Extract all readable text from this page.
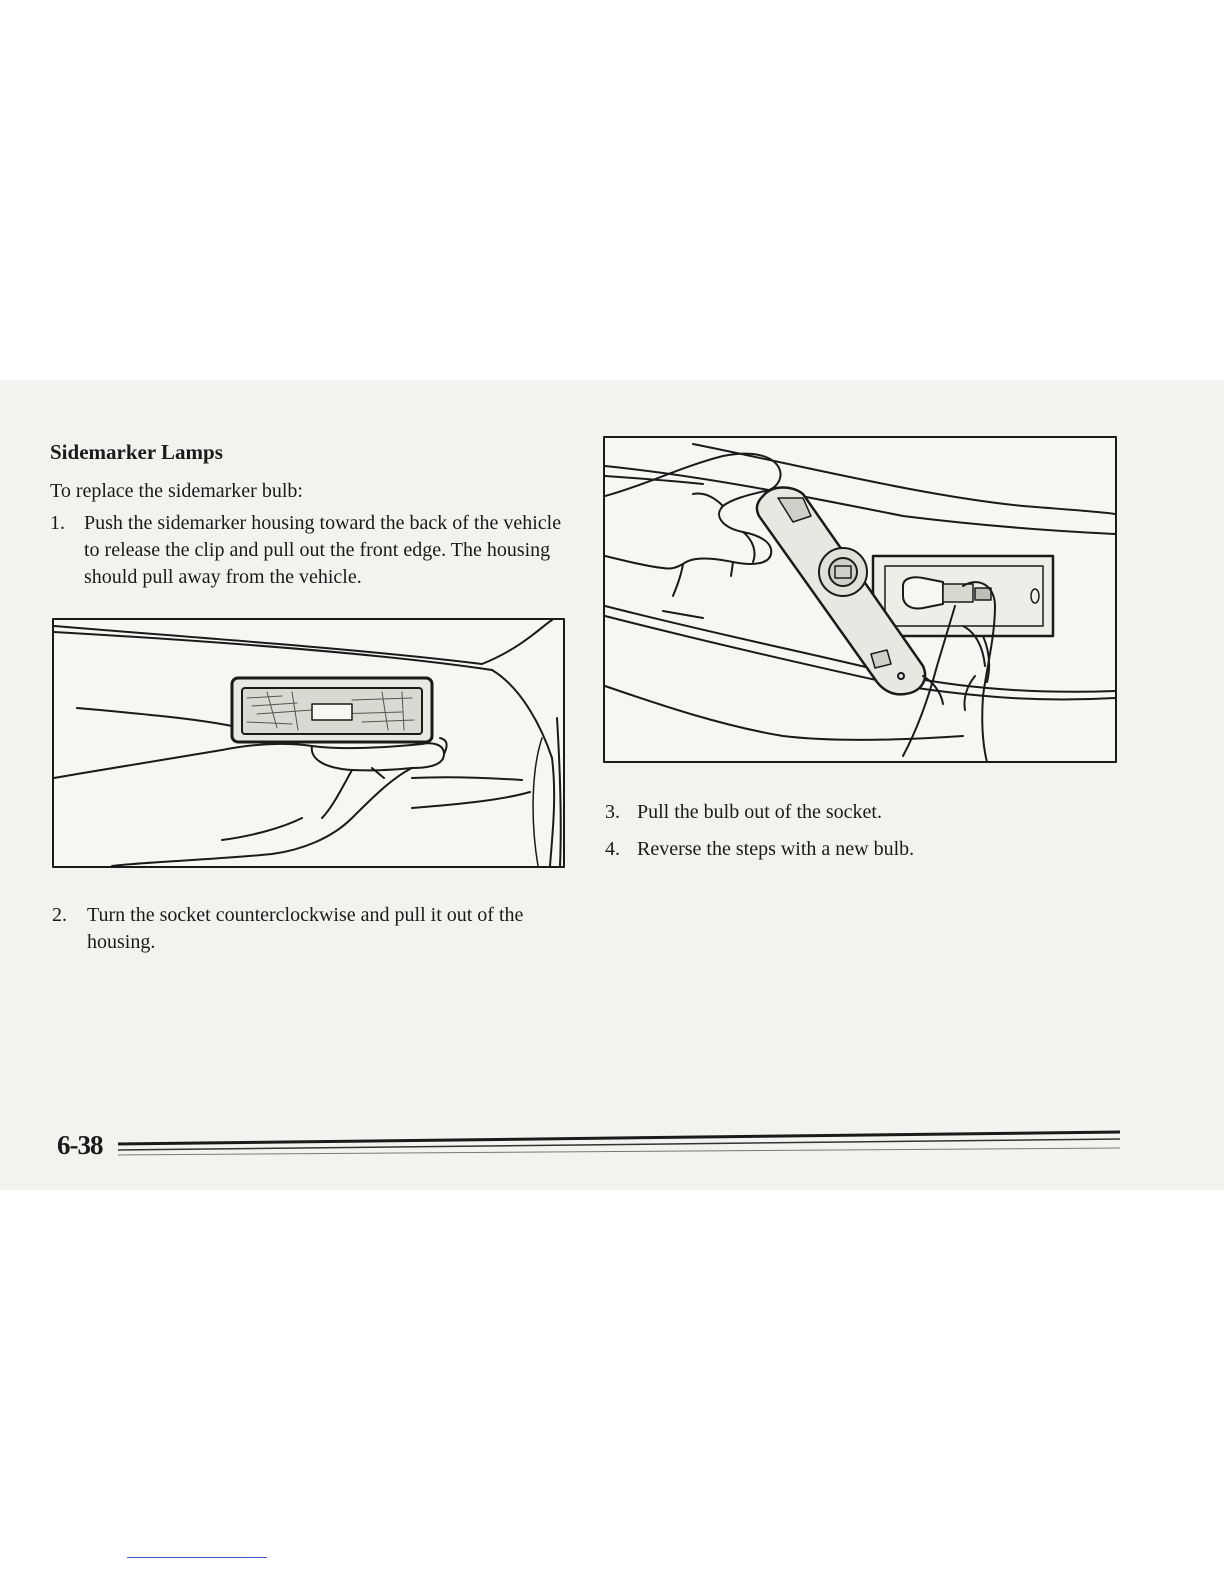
Sidemarker Lamps

To replace the sidemarker bulb:

1. Push the sidemarker housing toward the back of the vehicle to release the clip and pull out the front edge. The housing should pull away from the vehicle.
2. Turn the socket counterclockwise and pull it out of the housing.
3. Pull the bulb out of the socket.
4. Reverse the steps with a new bulb.

6-38
